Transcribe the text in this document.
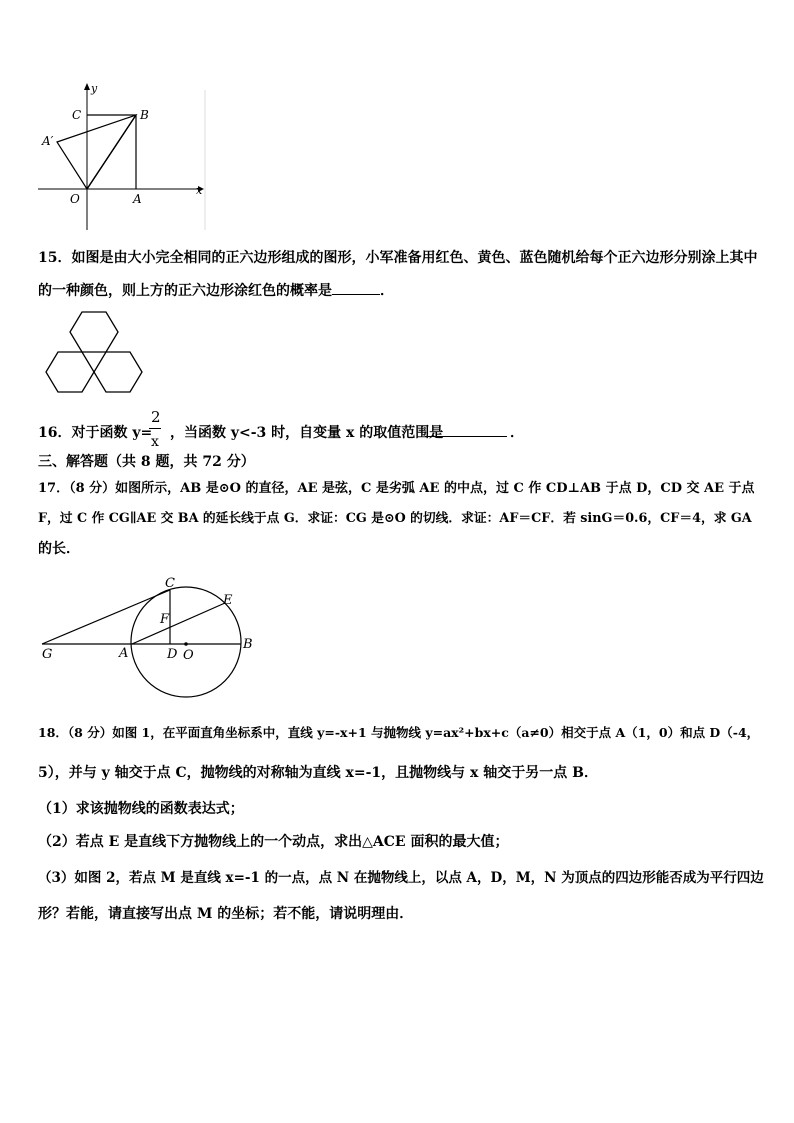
y
x
C	B
A′
O	A
15．如图是由大小完全相同的正六边形组成的图形，小军准备用红色、黄色、蓝色随机给每个正六边形分别涂上其中
的一种颜色，则上方的正六边形涂红色的概率是	．
16．对于函数 y=
2
x
，当函数 y<-3 时，自变量 x 的取值范围是	．
三、解答题（共 8 题，共 72 分）
17．（8 分）如图所示，AB 是⊙O 的直径，AE 是弦，C 是劣弧 AE 的中点，过 C 作 CD⊥AB 于点 D，CD 交 AE 于点
F，过 C 作 CG∥AE 交 BA 的延长线于点 G．求证：CG 是⊙O 的切线．求证：AF＝CF．若 sinG＝0.6，CF＝4，求 GA
的长．
C
E
F
G	A	D O
B
18．（8 分）如图 1，在平面直角坐标系中，直线 y=-x+1 与抛物线 y=ax²+bx+c（a≠0）相交于点 A（1，0）和点 D（-4，
5），并与 y 轴交于点 C，抛物线的对称轴为直线 x=-1，且抛物线与 x 轴交于另一点 B．
（1）求该抛物线的函数表达式；
（2）若点 E 是直线下方抛物线上的一个动点，求出△ACE 面积的最大值；
（3）如图 2，若点 M 是直线 x=-1 的一点，点 N 在抛物线上，以点 A，D，M，N 为顶点的四边形能否成为平行四边
形？若能，请直接写出点 M 的坐标；若不能，请说明理由．
